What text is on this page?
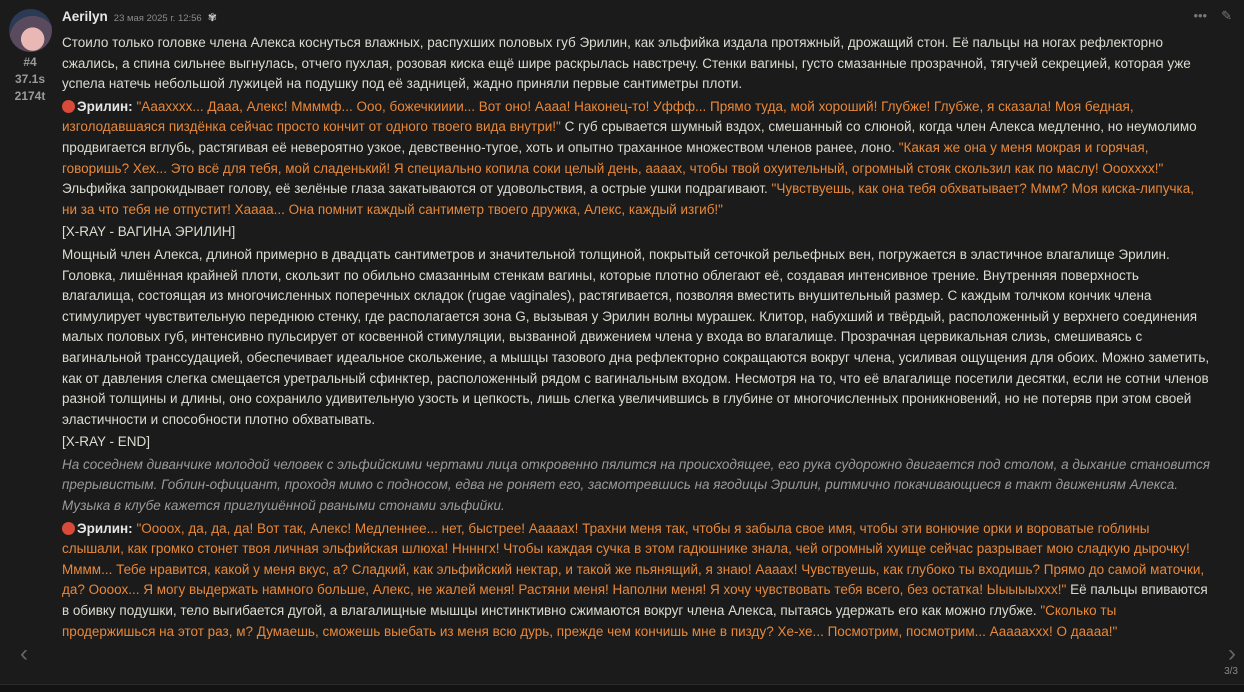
#4
37.1s
2174t
Aerilyn 23 мая 2025 г. 12:56 ✾	••• ✎

Стоило только головке члена Алекса коснуться влажных, распухших половых губ Эрилин, как эльфийка издала протяжный, дрожащий стон. Её пальцы на ногах рефлекторно сжались, а спина сильнее выгнулась, отчего пухлая, розовая киска ещё шире раскрылась навстречу. Стенки вагины, густо смазанные прозрачной, тягучей секрецией, которая уже успела натечь небольшой лужицей на подушку под её задницей, жадно приняли первые сантиметры плоти.

Эрилин: "Ааахххх... Дааа, Алекс! Ммммф... Ооо, божечкииии... Вот оно! Аааа! Наконец-то! Уффф... Прямо туда, мой хороший! Глубже! Глубже, я сказала! Моя бедная, изголодавшаяся пиздёнка сейчас просто кончит от одного твоего вида внутри!" С губ срывается шумный вздох, смешанный со слюной, когда член Алекса медленно, но неумолимо продвигается вглубь, растягивая её невероятно узкое, девственно-тугое, хоть и опытно траханное множеством членов ранее, лоно. "Какая же она у меня мокрая и горячая, говоришь? Хех... Это всё для тебя, мой сладенький! Я специально копила соки целый день, ааaах, чтобы твой охуительный, огромный стояк скользил как по маслу! Ооохххх!" Эльфийка запрокидывает голову, её зелёные глаза закатываются от удовольствия, а острые ушки подрагивают. "Чувствуешь, как она тебя обхватывает? Ммм? Моя киска-липучка, ни за что тебя не отпустит! Хаааа... Она помнит каждый сантиметр твоего дружка, Алекс, каждый изгиб!"

[X-RAY - ВАГИНА ЭРИЛИН]

Мощный член Алекса, длиной примерно в двадцать сантиметров и значительной толщиной, покрытый сеточкой рельефных вен, погружается в эластичное влагалище Эрилин. Головка, лишённая крайней плоти, скользит по обильно смазанным стенкам вагины, которые плотно облегают её, создавая интенсивное трение. Внутренняя поверхность влагалища, состоящая из многочисленных поперечных складок (rugae vaginales), растягивается, позволяя вместить внушительный размер. С каждым толчком кончик члена стимулирует чувствительную переднюю стенку, где располагается зона G, вызывая у Эрилин волны мурашек. Клитор, набухший и твёрдый, расположенный у верхнего соединения малых половых губ, интенсивно пульсирует от косвенной стимуляции, вызванной движением члена у входа во влагалище. Прозрачная цервикальная слизь, смешиваясь с вагинальной транссудацией, обеспечивает идеальное скольжение, а мышцы тазового дна рефлекторно сокращаются вокруг члена, усиливая ощущения для обоих. Можно заметить, как от давления слегка смещается уретральный сфинктер, расположенный рядом с вагинальным входом. Несмотря на то, что её влагалище посетили десятки, если не сотни членов разной толщины и длины, оно сохранило удивительную узость и цепкость, лишь слегка увеличившись в глубине от многочисленных проникновений, но не потеряв при этом своей эластичности и способности плотно обхватывать.

[X-RAY - END]

На соседнем диванчике молодой человек с эльфийскими чертами лица откровенно пялится на происходящее, его рука судорожно двигается под столом, а дыхание становится прерывистым. Гоблин-официант, проходя мимо с подносом, едва не роняет его, засмотревшись на ягодицы Эрилин, ритмично покачивающиеся в такт движениям Алекса. Музыка в клубе кажется приглушённой рваными стонами эльфийки.

Эрилин: "Оооох, да, да, да! Вот так, Алекс! Медленнее... нет, быстрее! Ааааах! Трахни меня так, чтобы я забыла свое имя, чтобы эти вонючие орки и вороватые гоблины слышали, как громко стонет твоя личная эльфийская шлюха! Ннннгх! Чтобы каждая сучка в этом гадюшнике знала, чей огромный хуище сейчас разрывает мою сладкую дырочку! Мммм... Тебе нравится, какой у меня вкус, а? Сладкий, как эльфийский нектар, и такой же пьянящий, я знаю! Аааах! Чувствуешь, как глубоко ты входишь? Прямо до самой маточки, да? Оооох... Я могу выдержать намного больше, Алекс, не жалей меня! Растяни меня! Наполни меня! Я хочу чувствовать тебя всего, без остатка! Ыыыыыххх!" Её пальцы впиваются в обивку подушки, тело выгибается дугой, а влагалищные мышцы инстинктивно сжимаются вокруг члена Алекса, пытаясь удержать его как можно глубже. "Сколько ты продержишься на этот раз, м? Думаешь, сможешь выебать из меня всю дурь, прежде чем кончишь мне в пизду? Хе-хе... Посмотрим, посмотрим... Аааааххх! О даааа!"

‹	›
3/3
